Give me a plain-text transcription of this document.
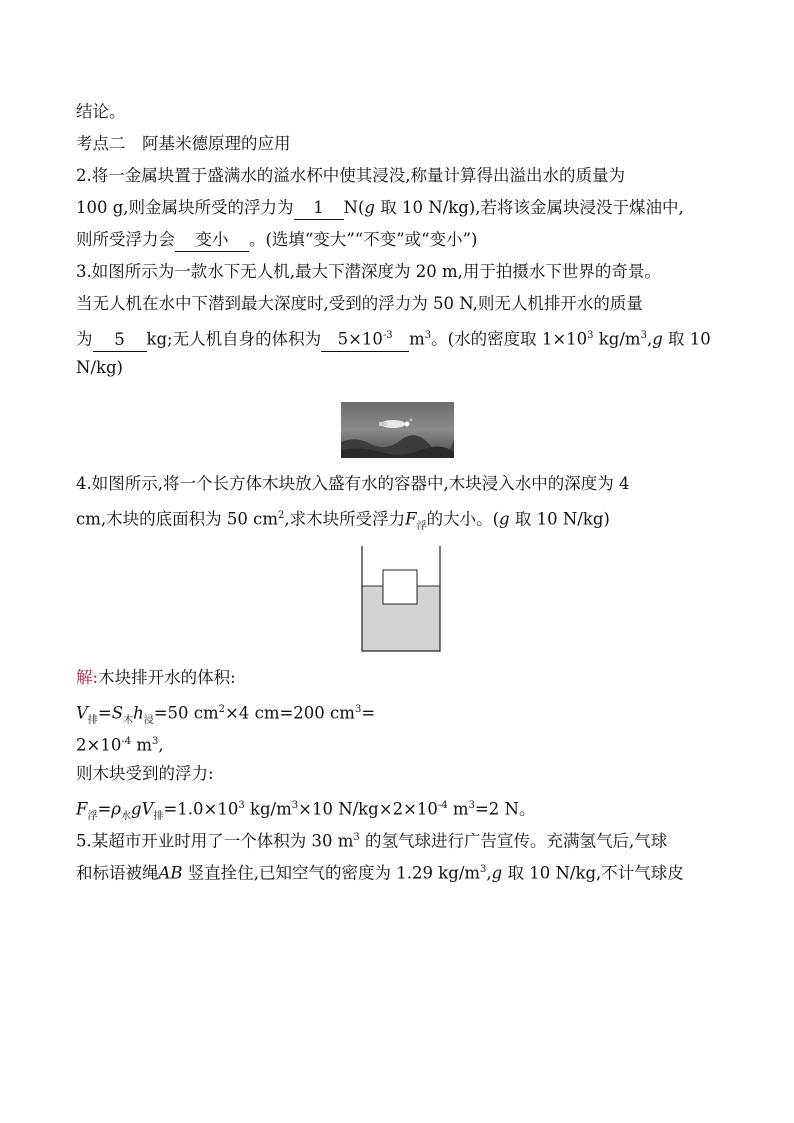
结论。
考点二　阿基米德原理的应用
2.将一金属块置于盛满水的溢水杯中使其浸没,称量计算得出溢出水的质量为
100 g,则金属块所受的浮力为 1 N(g 取 10 N/kg),若将该金属块浸没于煤油中,
则所受浮力会 变小 。(选填“变大”“不变”或“变小”)
3.如图所示为一款水下无人机,最大下潜深度为 20 m,用于拍摄水下世界的奇景。
当无人机在水中下潜到最大深度时,受到的浮力为 50 N,则无人机排开水的质量
为 5 kg;无人机自身的体积为 $5\times 10^{-3}$ $m^3$。(水的密度取 $1\times 10^3$ $kg/m^3,g$ 取 10
N/kg)
4.如图所示,将一个长方体木块放入盛有水的容器中,木块浸入水中的深度为 4
cm,木块的底面积为 50 $cm^2$,求木块所受浮力$F_浮$的大小。(g 取 10 N/kg)
解:木块排开水的体积:
$V_排=S_木h_浸=50$ $cm^2\times 4$ cm=200 $cm^3=$
$2\times 10^{-4}$ $m^3$,
则木块受到的浮力:
$F_浮=\rho_水gV_排=1.0\times 10^3$ $kg/m^3\times 10$ $N/kg\times 2\times 10^{-4}$ $m^3=2$ N。
5.某超市开业时用了一个体积为 30 $m^3$ 的氢气球进行广告宣传。充满氢气后,气球
和标语被绳AB 竖直拴住,已知空气的密度为 1.29 $kg/m^3,g$ 取 10 N/kg,不计气球皮
